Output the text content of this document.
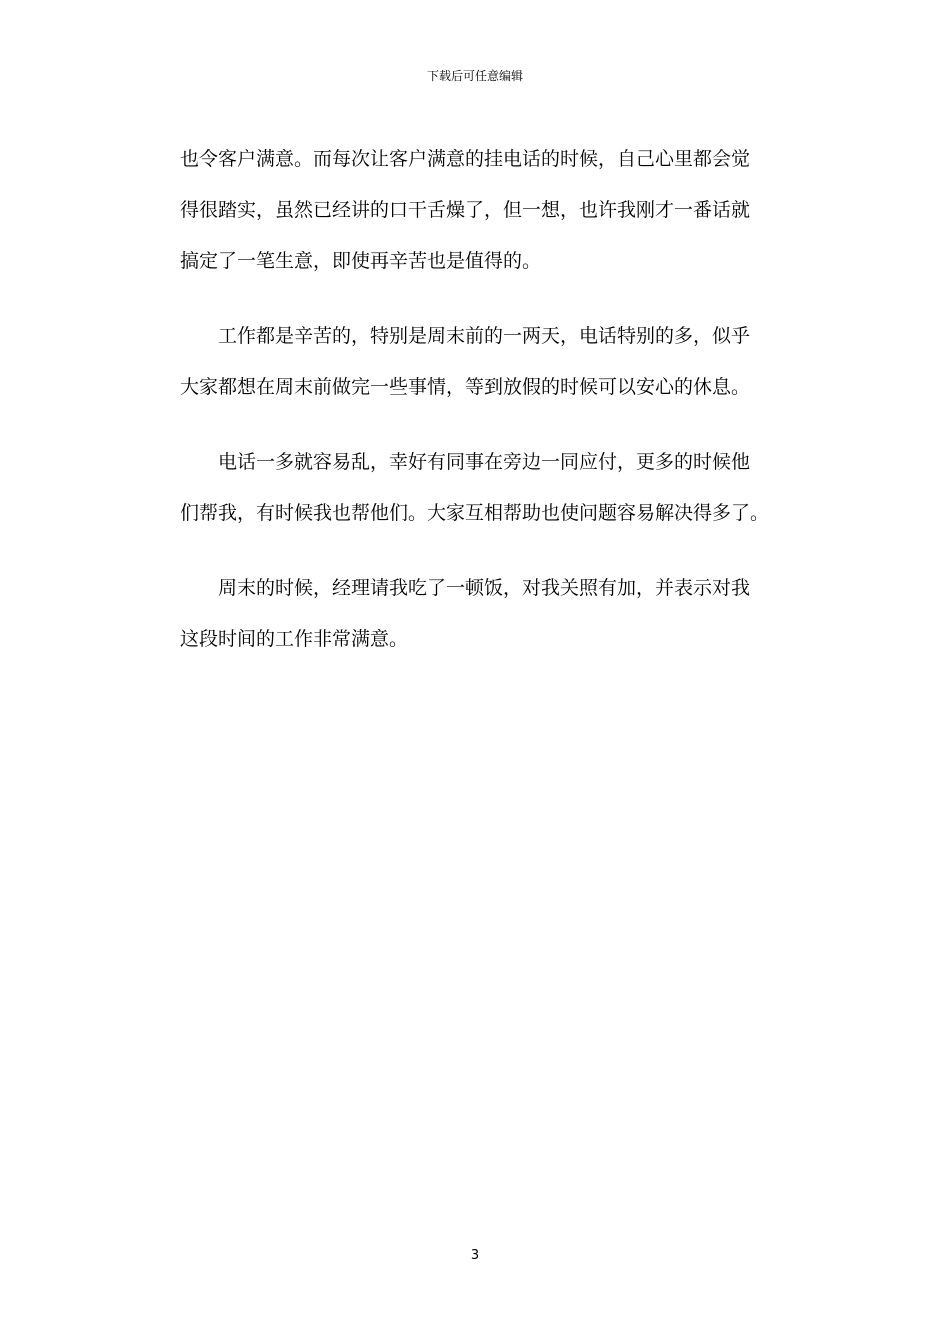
下载后可任意编辑

也令客户满意。而每次让客户满意的挂电话的时候，自己心里都会觉
得很踏实，虽然已经讲的口干舌燥了，但一想，也许我刚才一番话就
搞定了一笔生意，即使再辛苦也是值得的。

工作都是辛苦的，特别是周末前的一两天，电话特别的多，似乎
大家都想在周末前做完一些事情，等到放假的时候可以安心的休息。

电话一多就容易乱，幸好有同事在旁边一同应付，更多的时候他
们帮我，有时候我也帮他们。大家互相帮助也使问题容易解决得多了。

周末的时候，经理请我吃了一顿饭，对我关照有加，并表示对我
这段时间的工作非常满意。

3
